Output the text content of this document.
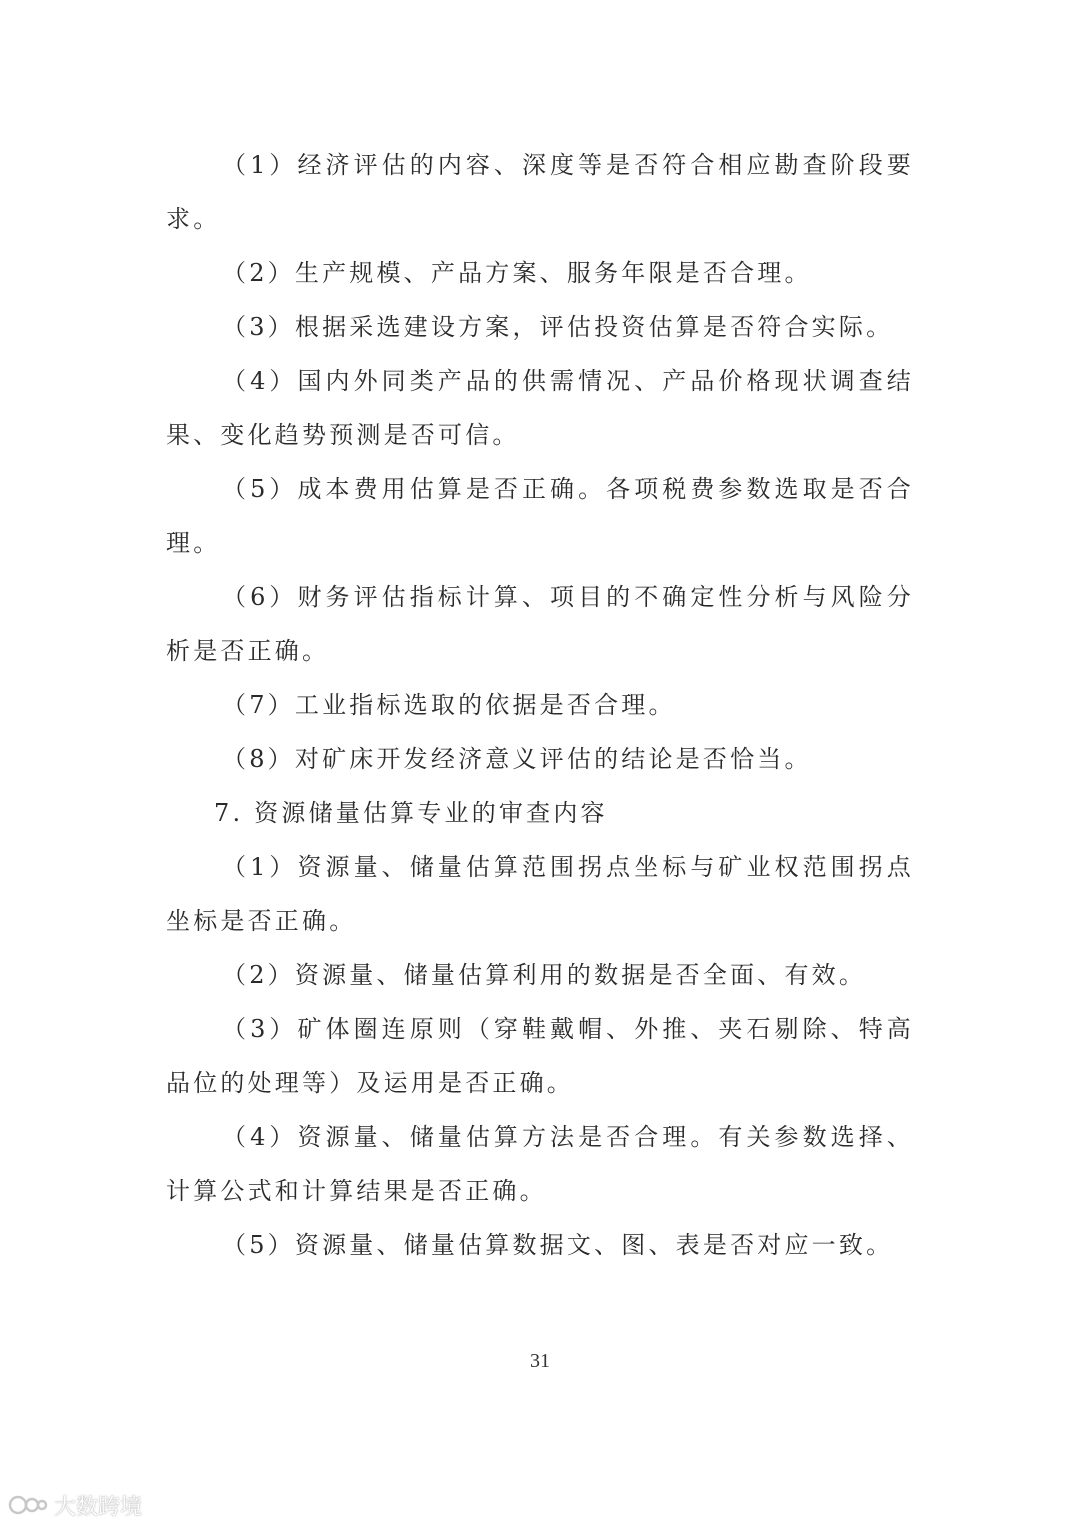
（1）经济评估的内容、深度等是否符合相应勘查阶段要求。

（2）生产规模、产品方案、服务年限是否合理。

（3）根据采选建设方案，评估投资估算是否符合实际。

（4）国内外同类产品的供需情况、产品价格现状调查结果、变化趋势预测是否可信。

（5）成本费用估算是否正确。各项税费参数选取是否合理。

（6）财务评估指标计算、项目的不确定性分析与风险分析是否正确。

（7）工业指标选取的依据是否合理。

（8）对矿床开发经济意义评估的结论是否恰当。

7. 资源储量估算专业的审查内容

（1）资源量、储量估算范围拐点坐标与矿业权范围拐点坐标是否正确。

（2）资源量、储量估算利用的数据是否全面、有效。

（3）矿体圈连原则（穿鞋戴帽、外推、夹石剔除、特高品位的处理等）及运用是否正确。

（4）资源量、储量估算方法是否合理。有关参数选择、计算公式和计算结果是否正确。

（5）资源量、储量估算数据文、图、表是否对应一致。

31
大数跨境
